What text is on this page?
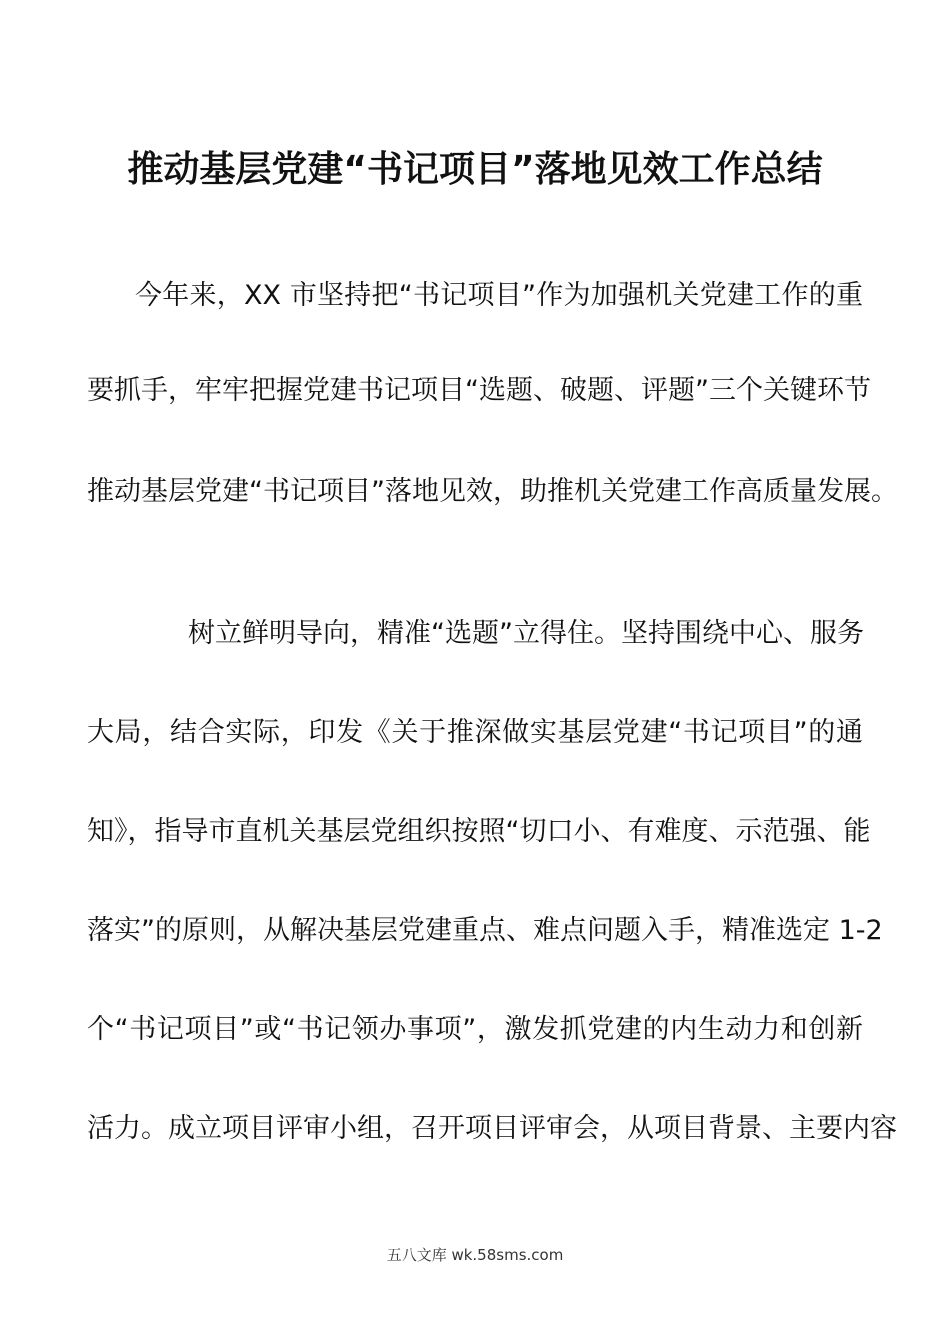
推动基层党建“书记项目”落地见效工作总结
今年来，XX 市坚持把“书记项目”作为加强机关党建工作的重
要抓手，牢牢把握党建书记项目“选题、破题、评题”三个关键环节
推动基层党建“书记项目”落地见效，助推机关党建工作高质量发展。
树立鲜明导向，精准“选题”立得住。坚持围绕中心、服务
大局，结合实际，印发《关于推深做实基层党建“书记项目”的通
知》，指导市直机关基层党组织按照“切口小、有难度、示范强、能
落实”的原则，从解决基层党建重点、难点问题入手，精准选定 1-2
个“书记项目”或“书记领办事项”，激发抓党建的内生动力和创新
活力。成立项目评审小组，召开项目评审会，从项目背景、主要内容
五八文库 wk.58sms.com
